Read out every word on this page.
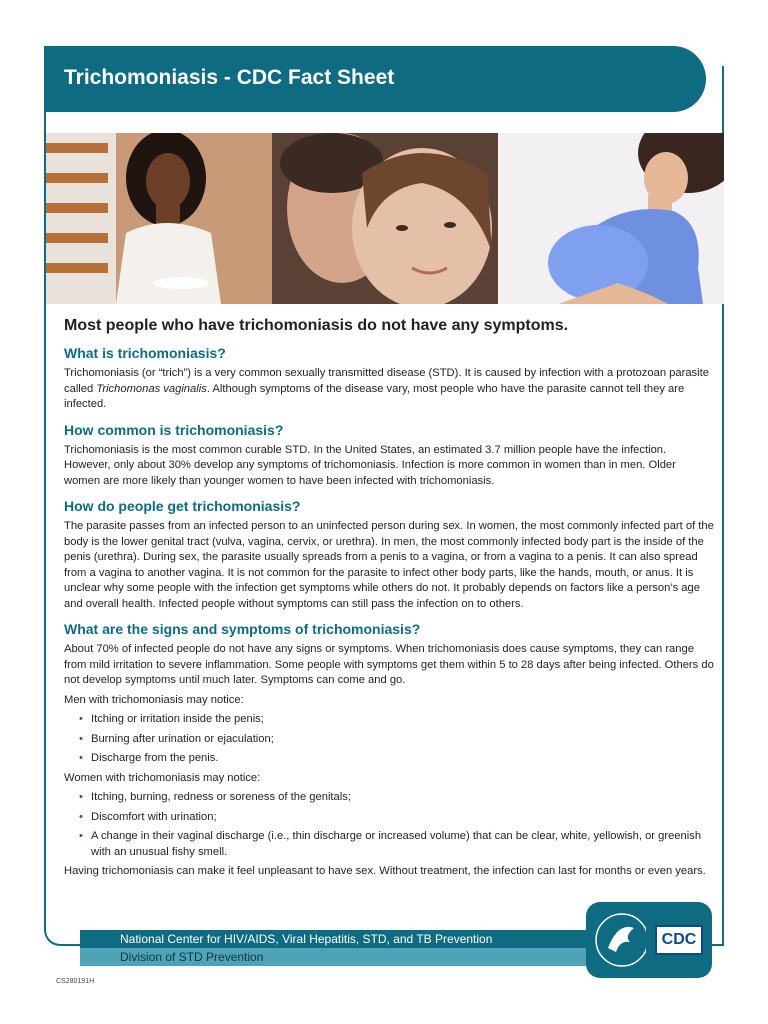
Trichomoniasis - CDC Fact Sheet
Most people who have trichomoniasis do not have any symptoms.
What is trichomoniasis?

Trichomoniasis (or “trich”) is a very common sexually transmitted disease (STD). It is caused by infection with a protozoan parasite called Trichomonas vaginalis. Although symptoms of the disease vary, most people who have the parasite cannot tell they are infected.

How common is trichomoniasis?

Trichomoniasis is the most common curable STD. In the United States, an estimated 3.7 million people have the infection. However, only about 30% develop any symptoms of trichomoniasis. Infection is more common in women than in men. Older women are more likely than younger women to have been infected with trichomoniasis.

How do people get trichomoniasis?

The parasite passes from an infected person to an uninfected person during sex. In women, the most commonly infected part of the body is the lower genital tract (vulva, vagina, cervix, or urethra). In men, the most commonly infected body part is the inside of the penis (urethra). During sex, the parasite usually spreads from a penis to a vagina, or from a vagina to a penis. It can also spread from a vagina to another vagina. It is not common for the parasite to infect other body parts, like the hands, mouth, or anus. It is unclear why some people with the infection get symptoms while others do not. It probably depends on factors like a person’s age and overall health. Infected people without symptoms can still pass the infection on to others.

What are the signs and symptoms of trichomoniasis?

About 70% of infected people do not have any signs or symptoms. When trichomoniasis does cause symptoms, they can range from mild irritation to severe inflammation. Some people with symptoms get them within 5 to 28 days after being infected. Others do not develop symptoms until much later. Symptoms can come and go.

Men with trichomoniasis may notice:

• Itching or irritation inside the penis;
• Burning after urination or ejaculation;
• Discharge from the penis.

Women with trichomoniasis may notice:

• Itching, burning, redness or soreness of the genitals;
• Discomfort with urination;
• A change in their vaginal discharge (i.e., thin discharge or increased volume) that can be clear, white, yellowish, or greenish with an unusual fishy smell.

Having trichomoniasis can make it feel unpleasant to have sex. Without treatment, the infection can last for months or even years.

National Center for HIV/AIDS, Viral Hepatitis, STD, and TB Prevention
Division of STD Prevention
CDC
CS280191H
